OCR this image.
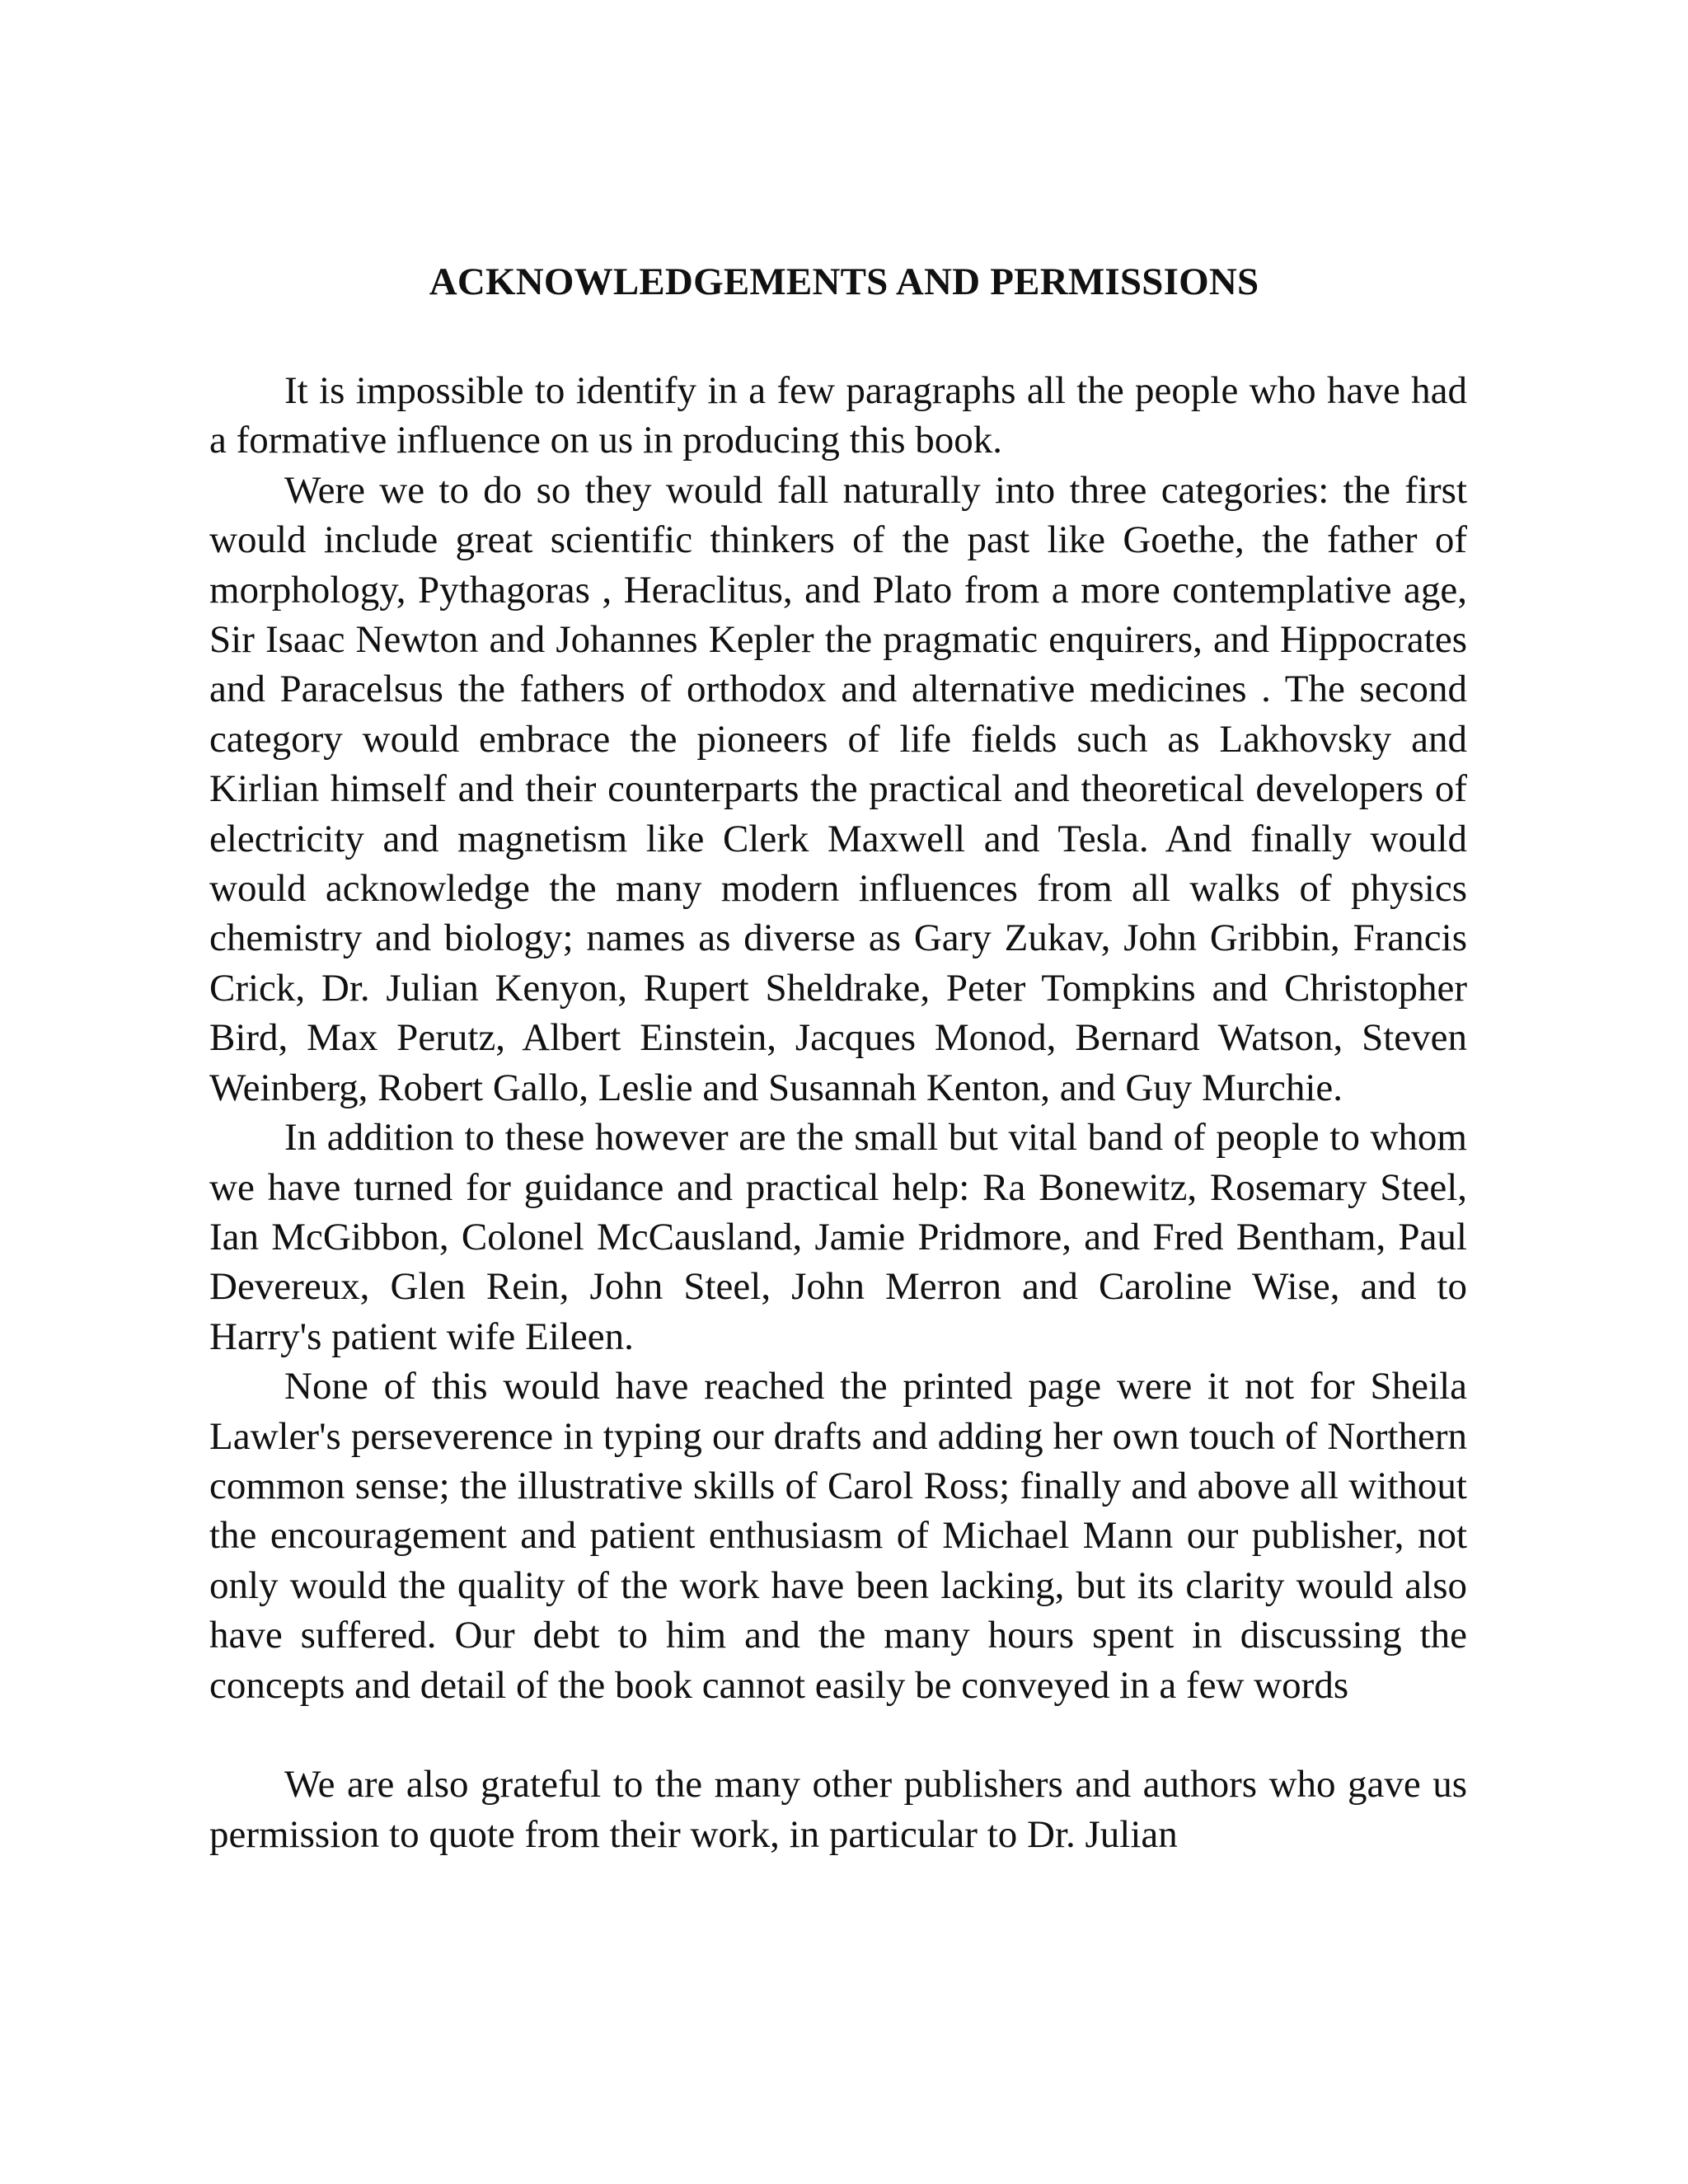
ACKNOWLEDGEMENTS AND PERMISSIONS

It is impossible to identify in a few paragraphs all the people who have had a formative influence on us in producing this book.

Were we to do so they would fall naturally into three categories: the first would include great scientific thinkers of the past like Goethe, the father of morphology, Pythagoras , Heraclitus, and Plato from a more contemplative age, Sir Isaac Newton and Johannes Kepler the pragmatic enquirers, and Hippocrates and Paracelsus the fathers of orthodox and alternative medicines . The second category would embrace the pioneers of life fields such as Lakhovsky and Kirlian himself and their counterparts the practical and theoretical developers of electricity and magnetism like Clerk Maxwell and Tesla. And finally would would acknowledge the many modern influences from all walks of physics chemistry and biology; names as diverse as Gary Zukav, John Gribbin, Francis Crick, Dr. Julian Kenyon, Rupert Sheldrake, Peter Tompkins and Christopher Bird, Max Perutz, Albert Einstein, Jacques Monod, Bernard Watson, Steven Weinberg, Robert Gallo, Leslie and Susannah Kenton, and Guy Murchie.

In addition to these however are the small but vital band of people to whom we have turned for guidance and practical help: Ra Bonewitz, Rosemary Steel, Ian McGibbon, Colonel McCausland, Jamie Pridmore, and Fred Bentham, Paul Devereux, Glen Rein, John Steel, John Merron and Caroline Wise, and to Harry's patient wife Eileen.

None of this would have reached the printed page were it not for Sheila Lawler's perseverence in typing our drafts and adding her own touch of Northern common sense; the illustrative skills of Carol Ross; finally and above all without the encouragement and patient enthusiasm of Michael Mann our publisher, not only would the quality of the work have been lacking, but its clarity would also have suffered. Our debt to him and the many hours spent in discussing the concepts and detail of the book cannot easily be conveyed in a few words

We are also grateful to the many other publishers and authors who gave us permission to quote from their work, in particular to Dr. Julian
